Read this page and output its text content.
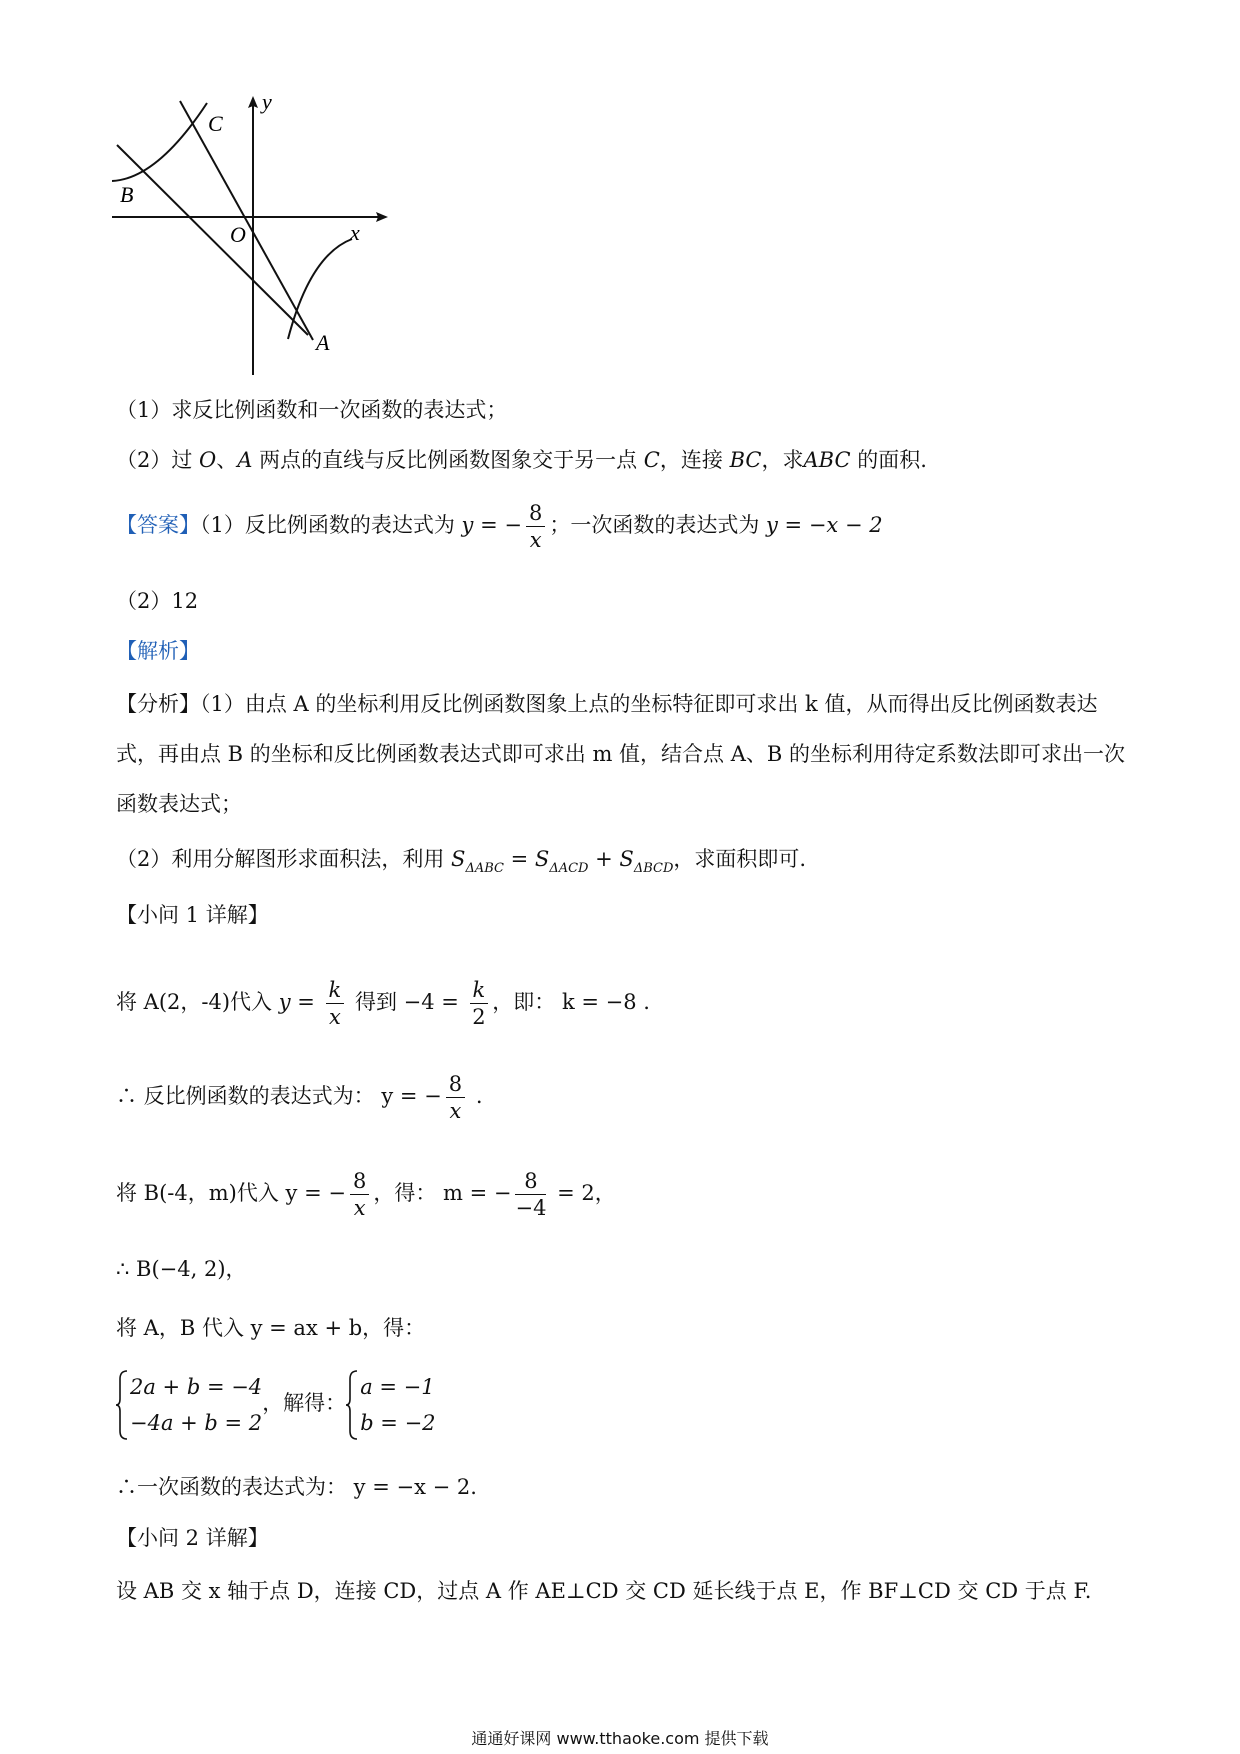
C
y
B
O	x
A
（1）求反比例函数和一次函数的表达式；
（2）过 O、A 两点的直线与反比例函数图象交于另一点 C，连接 BC，求ABC 的面积.
【答案】（1）反比例函数的表达式为 y = − $\frac{8}{x}$ ；一次函数的表达式为 y = −x − 2
（2）12
【解析】
【分析】（1）由点 A 的坐标利用反比例函数图象上点的坐标特征即可求出 k 值，从而得出反比例函数表达
式，再由点 B 的坐标和反比例函数表达式即可求出 m 值，结合点 A、B 的坐标利用待定系数法即可求出一次
函数表达式；
（2）利用分解图形求面积法，利用 $S_{\Delta ABC} = S_{\Delta ACD} + S_{\Delta BCD}$，求面积即可.
【小问 1 详解】
将 A(2，-4)代入 $y = \frac{k}{x}$ 得到 $-4 = \frac{k}{2}$ ，即： k = −8 .
∴ 反比例函数的表达式为： y = − $\frac{8}{x}$ .
将 B(-4，m)代入 y = − $\frac{8}{x}$ ，得： m = − $\frac{8}{-4} = 2$，
∴ B(−4, 2)，
将 A，B 代入 y = ax + b，得：
2a + b = −4
−4a + b = 2
，解得：
a = −1
b = −2
∴一次函数的表达式为： y = −x − 2.
【小问 2 详解】
设 AB 交 x 轴于点 D，连接 CD，过点 A 作 AE⊥CD 交 CD 延长线于点 E，作 BF⊥CD 交 CD 于点 F.
通通好课网 www.tthaoke.com 提供下载
